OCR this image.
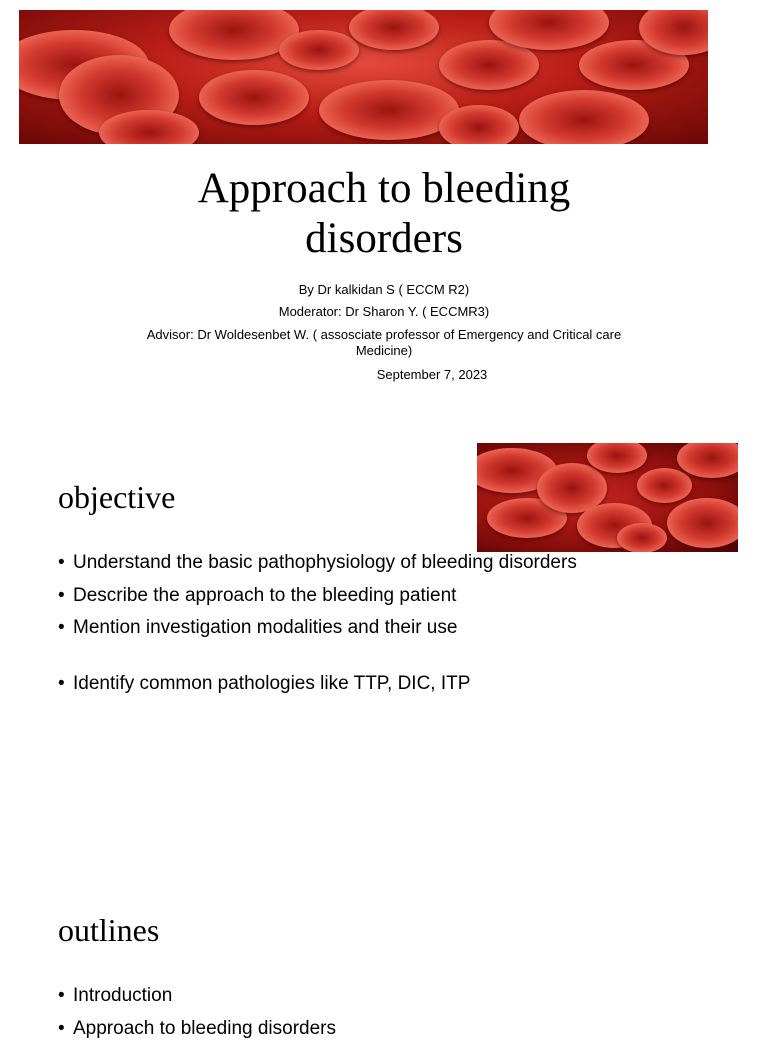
Approach to bleeding disorders

By Dr kalkidan S ( ECCM R2)

Moderator: Dr Sharon Y. ( ECCMR3)

Advisor: Dr Woldesenbet W. ( assosciate professor of Emergency and Critical care Medicine)

September 7, 2023

objective
• Understand the basic pathophysiology of bleeding disorders
• Describe the approach to the bleeding patient
• Mention investigation modalities and their use
• Identify common pathologies like TTP, DIC, ITP
outlines
• Introduction
• Approach to bleeding disorders
